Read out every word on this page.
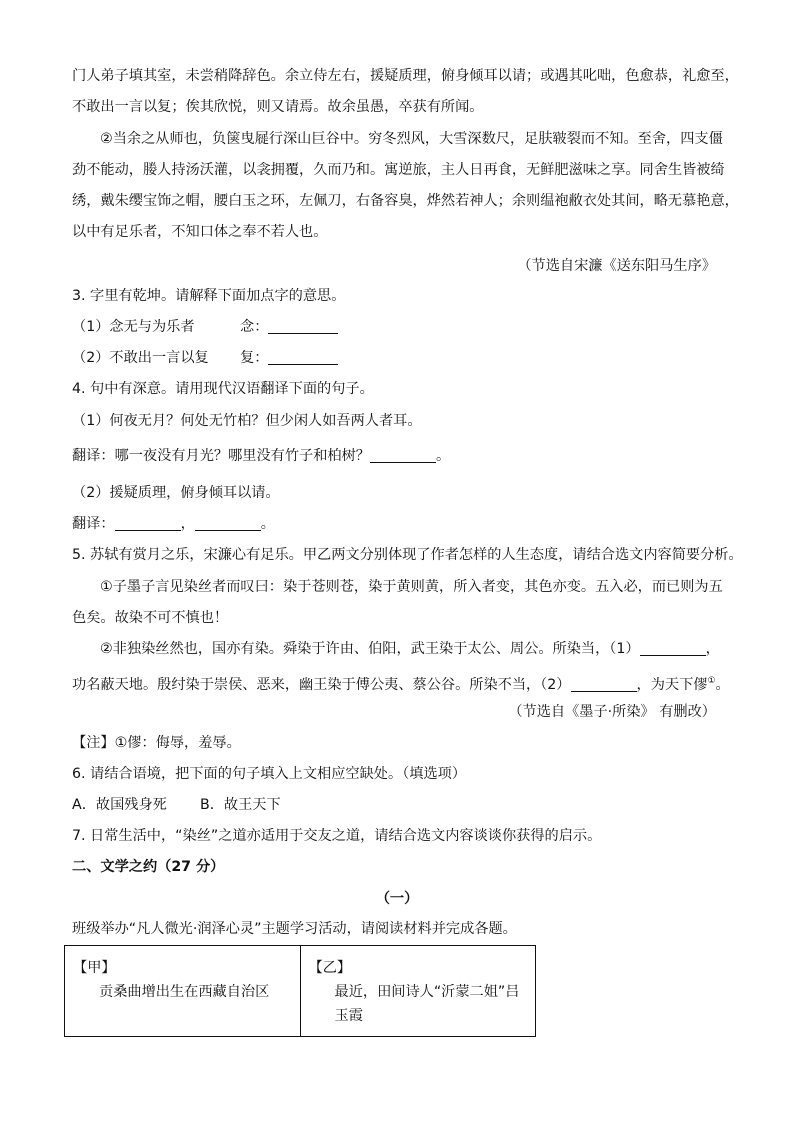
门人弟子填其室，未尝稍降辞色。余立侍左右，援疑质理，俯身倾耳以请；或遇其叱咄，色愈恭，礼愈至，
不敢出一言以复；俟其欣悦，则又请焉。故余虽愚，卒获有所闻。
②当余之从师也，负箧曳屣行深山巨谷中。穷冬烈风，大雪深数尺，足肤皲裂而不知。至舍，四支僵
劲不能动，媵人持汤沃灌，以衾拥覆，久而乃和。寓逆旅，主人日再食，无鲜肥滋味之享。同舍生皆被绮
绣，戴朱缨宝饰之帽，腰白玉之环，左佩刀，右备容臭，烨然若神人；余则缊袍敝衣处其间，略无慕艳意，
以中有足乐者，不知口体之奉不若人也。
（节选自宋濂《送东阳马生序》
3. 字里有乾坤。请解释下面加点字的意思。
（1）念无与为乐者	念：
（2）不敢出一言以复 复：
4. 句中有深意。请用现代汉语翻译下面的句子。
（1）何夜无月？何处无竹柏？但少闲人如吾两人者耳。
翻译：哪一夜没有月光？哪里没有竹子和柏树？	。
（2）援疑质理，俯身倾耳以请。
翻译：	，	。
5. 苏轼有赏月之乐，宋濂心有足乐。甲乙两文分别体现了作者怎样的人生态度，请结合选文内容简要分析。
①子墨子言见染丝者而叹曰：染于苍则苍，染于黄则黄，所入者变，其色亦变。五入必，而已则为五
色矣。故染不可不慎也！
②非独染丝然也，国亦有染。舜染于许由、伯阳，武王染于太公、周公。所染当，（1）	，
功名蔽天地。殷纣染于崇侯、恶来，幽王染于傅公夷、蔡公谷。所染不当，（2）	，为天下僇①。
（节选自《墨子·所染》 有删改）
【注】①僇：侮辱，羞辱。
6. 请结合语境，把下面的句子填入上文相应空缺处。（填选项）
A．故国残身死 B．故王天下
7. 日常生活中，“染丝”之道亦适用于交友之道，请结合选文内容谈谈你获得的启示。
二、文学之约（27 分）
（一）
班级举办“凡人微光·润泽心灵”主题学习活动，请阅读材料并完成各题。
【甲】
贡桑曲增出生在西藏自治区

【乙】
最近，田间诗人“沂蒙二姐”吕玉霞
